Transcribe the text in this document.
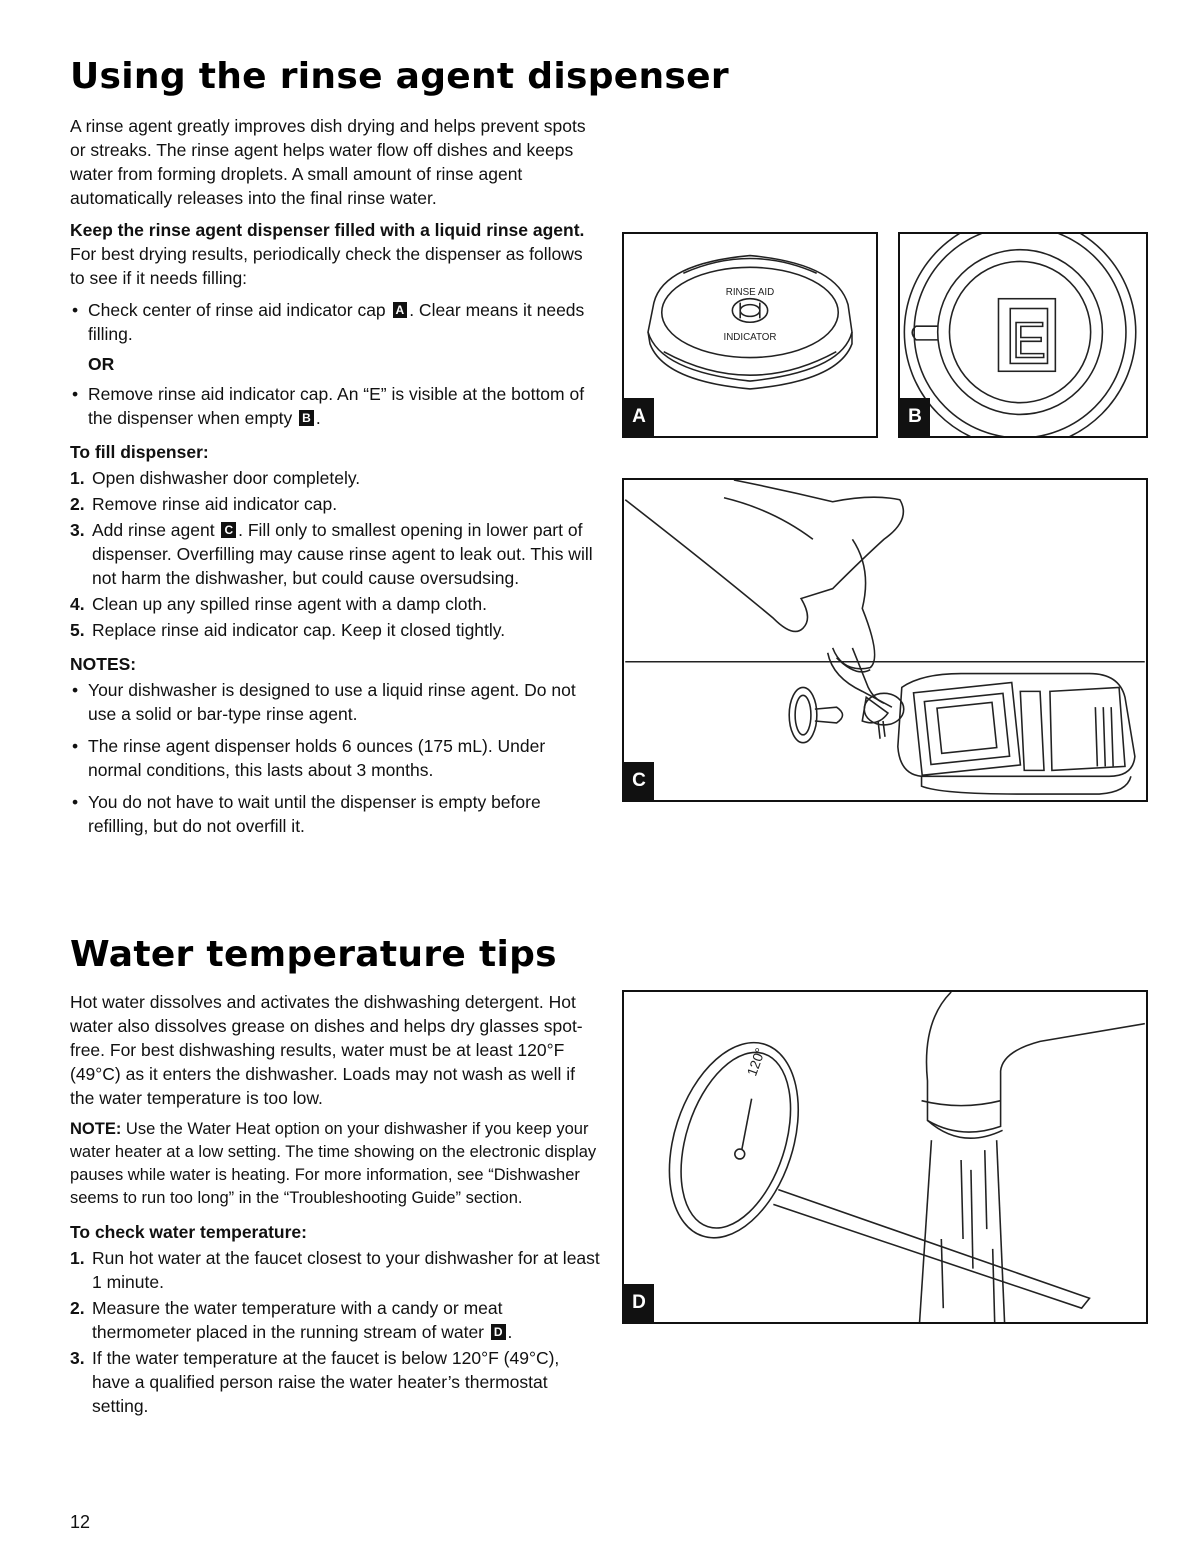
Using the rinse agent dispenser

A rinse agent greatly improves dish drying and helps prevent spots or streaks. The rinse agent helps water flow off dishes and keeps water from forming droplets. A small amount of rinse agent automatically releases into the final rinse water.

Keep the rinse agent dispenser filled with a liquid rinse agent. For best drying results, periodically check the dispenser as follows to see if it needs filling:

• Check center of rinse aid indicator cap A . Clear means it needs filling.
OR
• Remove rinse aid indicator cap. An “E” is visible at the bottom of the dispenser when empty B .
To fill dispenser:
1. Open dishwasher door completely.
2. Remove rinse aid indicator cap.
3. Add rinse agent C . Fill only to smallest opening in lower part of dispenser. Overfilling may cause rinse agent to leak out. This will not harm the dishwasher, but could cause oversudsing.
4. Clean up any spilled rinse agent with a damp cloth.
5. Replace rinse aid indicator cap. Keep it closed tightly.
NOTES:
• Your dishwasher is designed to use a liquid rinse agent. Do not use a solid or bar-type rinse agent.
• The rinse agent dispenser holds 6 ounces (175 mL). Under normal conditions, this lasts about 3 months.
• You do not have to wait until the dispenser is empty before refilling, but do not overfill it.
RINSE AID
INDICATOR
A
E
B
C
Water temperature tips

Hot water dissolves and activates the dishwashing detergent. Hot water also dissolves grease on dishes and helps dry glasses spot-free. For best dishwashing results, water must be at least 120°F (49°C) as it enters the dishwasher. Loads may not wash as well if the water temperature is too low.

NOTE: Use the Water Heat option on your dishwasher if you keep your water heater at a low setting. The time showing on the electronic display pauses while water is heating. For more information, see “Dishwasher seems to run too long” in the “Troubleshooting Guide” section.

To check water temperature:
1. Run hot water at the faucet closest to your dishwasher for at least 1 minute.
2. Measure the water temperature with a candy or meat thermometer placed in the running stream of water D .
3. If the water temperature at the faucet is below 120°F (49°C), have a qualified person raise the water heater’s thermostat setting.
120°
D
12
